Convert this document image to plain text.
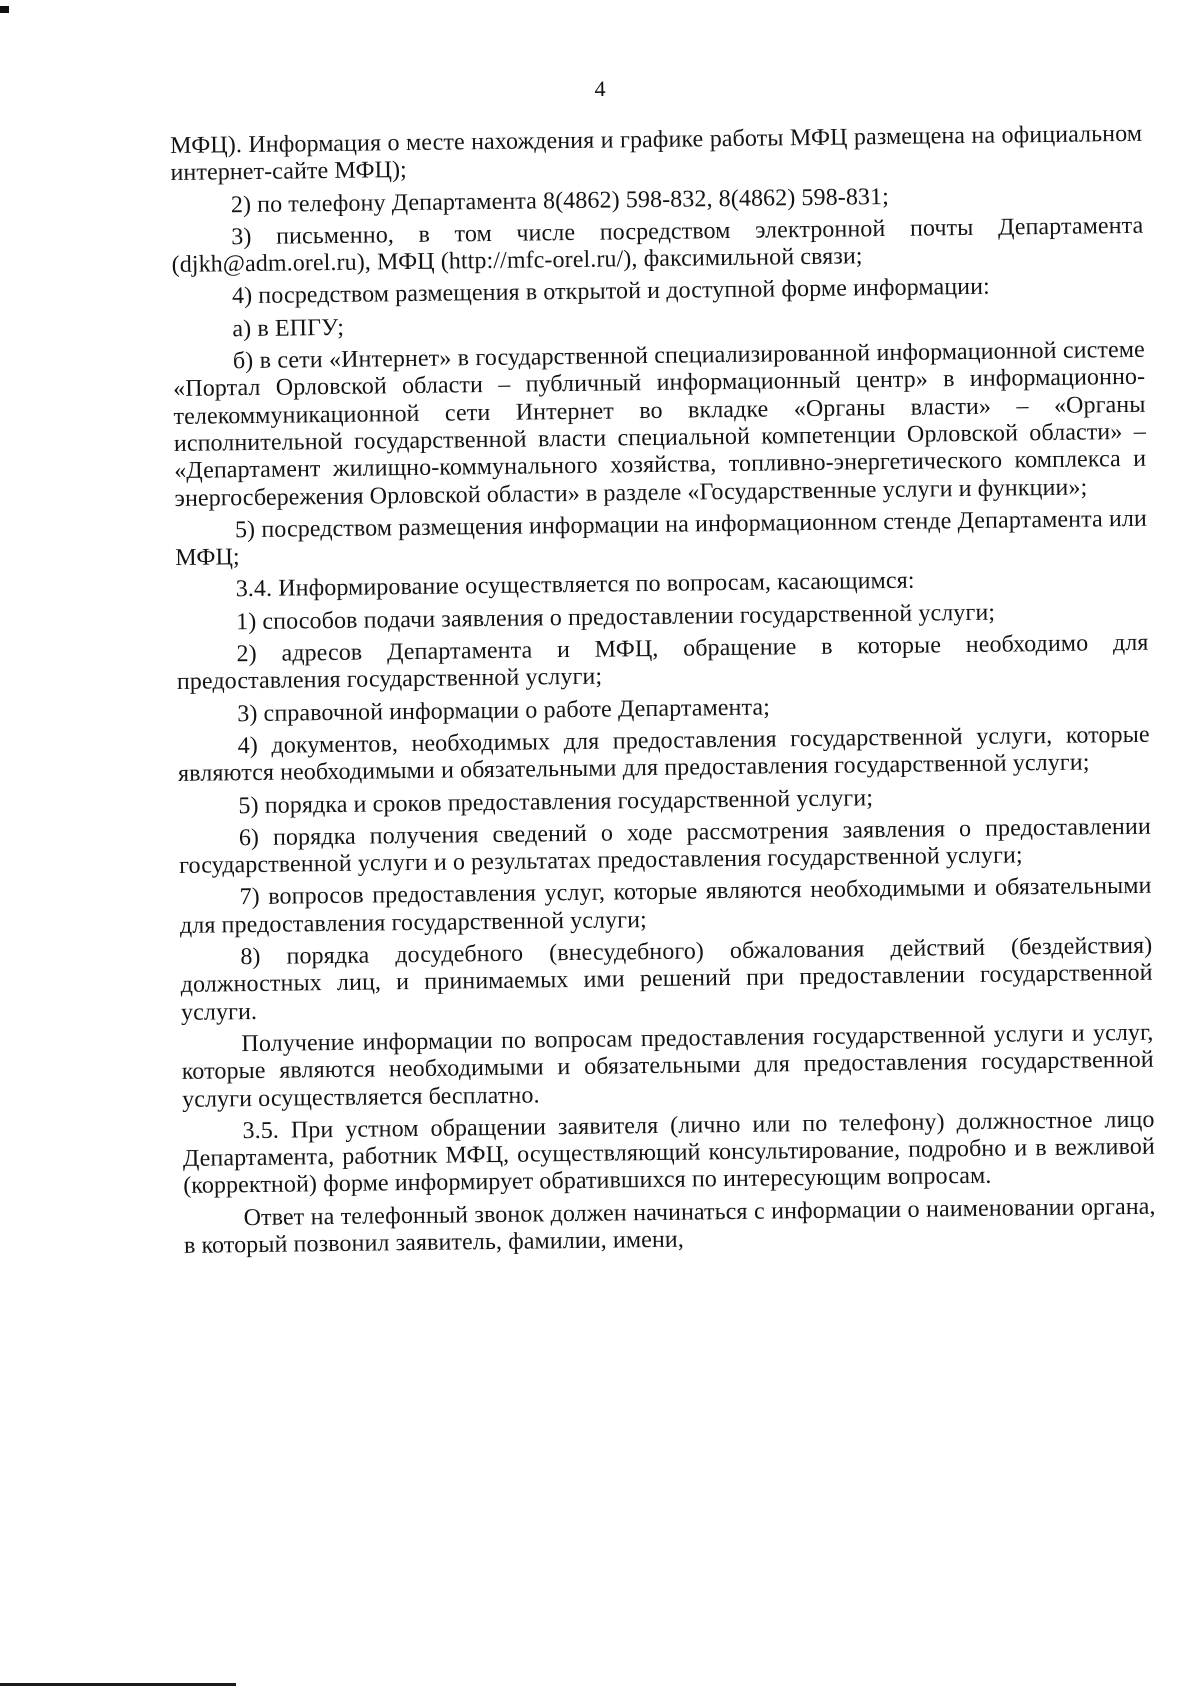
4

МФЦ). Информация о месте нахождения и графике работы МФЦ размещена на официальном интернет-сайте МФЦ);

2) по телефону Департамента 8(4862) 598-832, 8(4862) 598-831;

3) письменно, в том числе посредством электронной почты Департамента (djkh@adm.orel.ru), МФЦ (http://mfc-orel.ru/), факсимильной связи;

4) посредством размещения в открытой и доступной форме информации:

а) в ЕПГУ;

б) в сети «Интернет» в государственной специализированной информационной системе «Портал Орловской области – публичный информационный центр» в информационно-телекоммуникационной сети Интернет во вкладке «Органы власти» – «Органы исполнительной государственной власти специальной компетенции Орловской области» – «Департамент жилищно-коммунального хозяйства, топливно-энергетического комплекса и энергосбережения Орловской области» в разделе «Государственные услуги и функции»;

5) посредством размещения информации на информационном стенде Департамента или МФЦ;

3.4. Информирование осуществляется по вопросам, касающимся:

1) способов подачи заявления о предоставлении государственной услуги;

2) адресов Департамента и МФЦ, обращение в которые необходимо для предоставления государственной услуги;

3) справочной информации о работе Департамента;

4) документов, необходимых для предоставления государственной услуги, которые являются необходимыми и обязательными для предоставления государственной услуги;

5) порядка и сроков предоставления государственной услуги;

6) порядка получения сведений о ходе рассмотрения заявления о предоставлении государственной услуги и о результатах предоставления государственной услуги;

7) вопросов предоставления услуг, которые являются необходимыми и обязательными для предоставления государственной услуги;

8) порядка досудебного (внесудебного) обжалования действий (бездействия) должностных лиц, и принимаемых ими решений при предоставлении государственной услуги.

Получение информации по вопросам предоставления государственной услуги и услуг, которые являются необходимыми и обязательными для предоставления государственной услуги осуществляется бесплатно.

3.5. При устном обращении заявителя (лично или по телефону) должностное лицо Департамента, работник МФЦ, осуществляющий консультирование, подробно и в вежливой (корректной) форме информирует обратившихся по интересующим вопросам.

Ответ на телефонный звонок должен начинаться с информации о наименовании органа, в который позвонил заявитель, фамилии, имени,
